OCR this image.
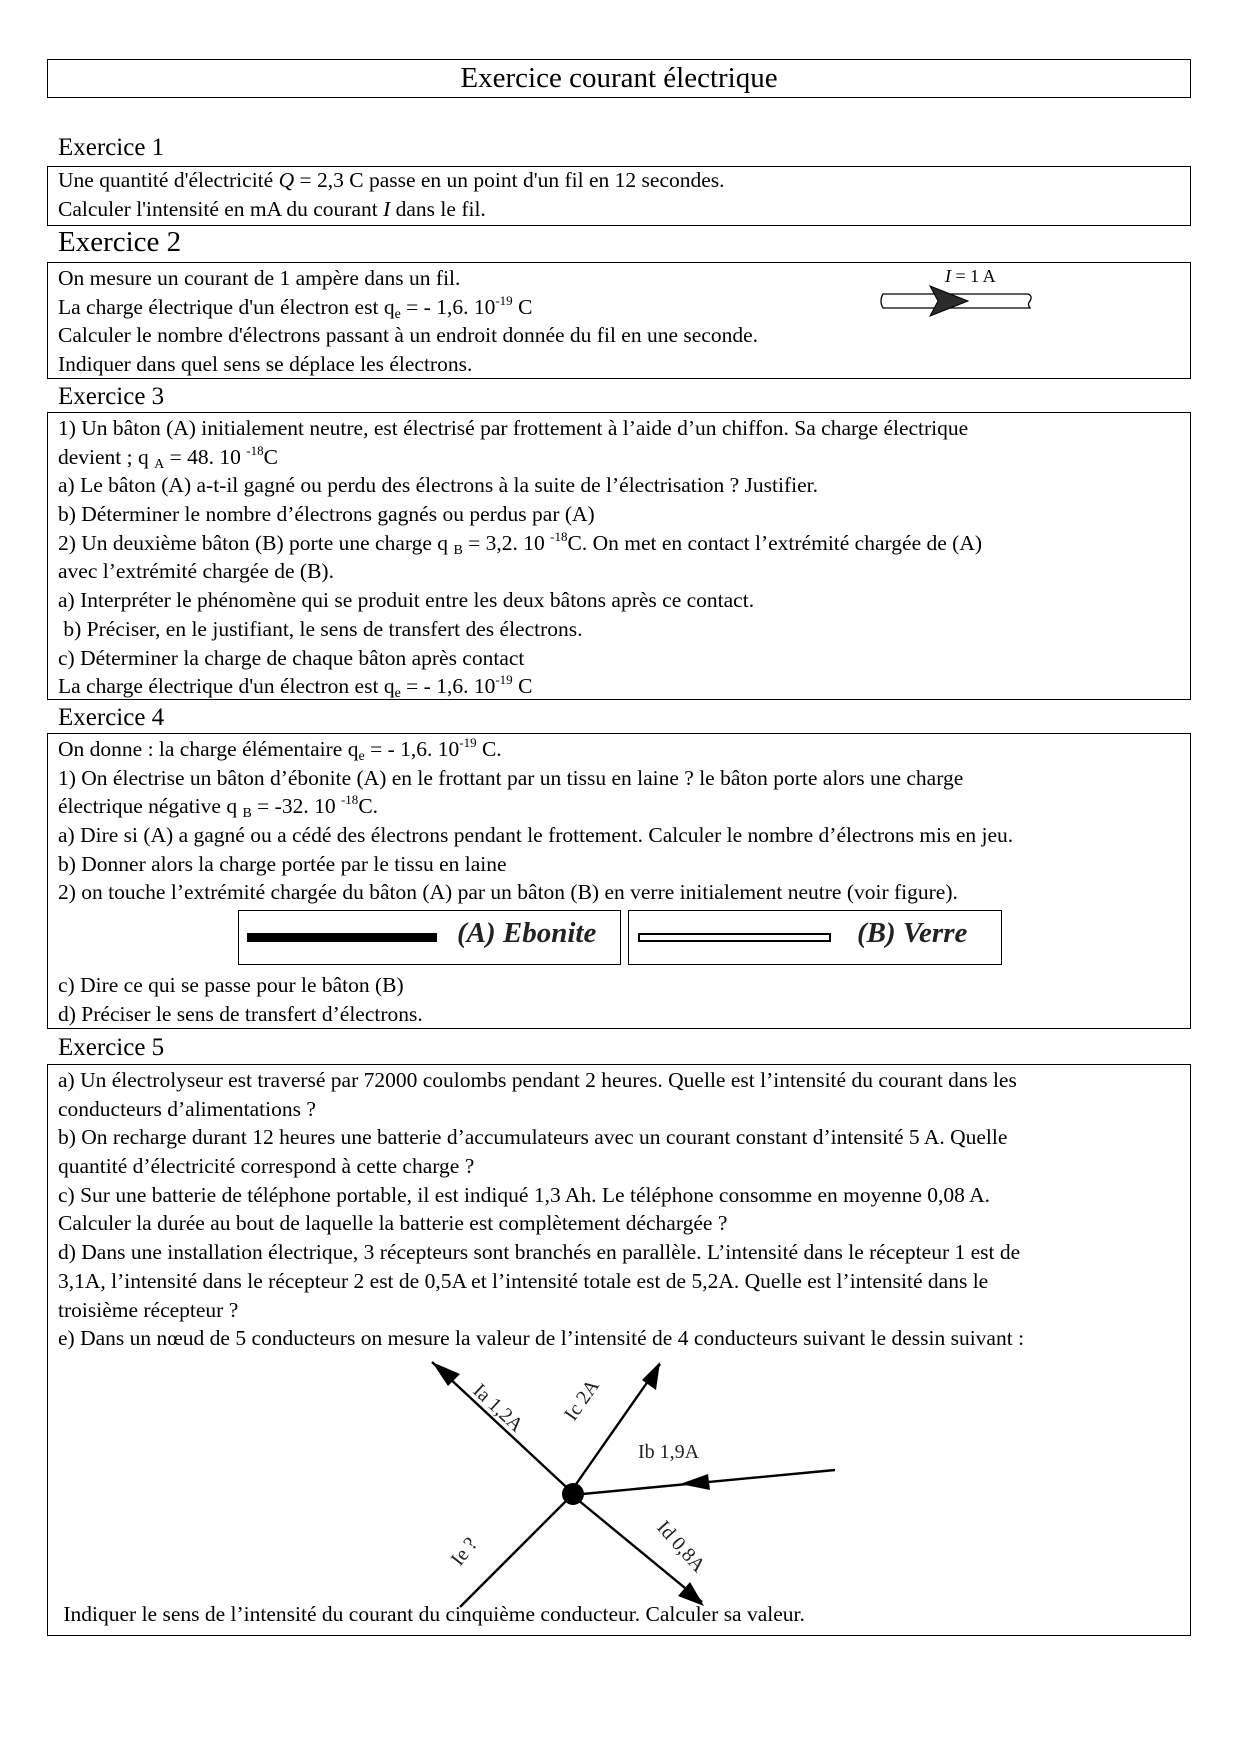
Exercice courant électrique
Exercice 1
Une quantité d'électricité Q = 2,3 C passe en un point d'un fil en 12 secondes.
Calculer l'intensité en mA du courant I dans le fil.
Exercice 2
On mesure un courant de 1 ampère dans un fil.
La charge électrique d'un électron est $q_e$ = - 1,6. $10^{-19}$ C
Calculer le nombre d'électrons passant à un endroit donnée du fil en une seconde.
Indiquer dans quel sens se déplace les électrons.
I = 1 A
Exercice 3
1) Un bâton (A) initialement neutre, est électrisé par frottement à l’aide d’un chiffon. Sa charge électrique
devient ; q $_A$ = 48. 10 $^{-18}$C
a) Le bâton (A) a-t-il gagné ou perdu des électrons à la suite de l’électrisation ? Justifier.
b) Déterminer le nombre d’électrons gagnés ou perdus par (A)
2) Un deuxième bâton (B) porte une charge q $_B$ = 3,2. 10 $^{-18}$C. On met en contact l’extrémité chargée de (A)
avec l’extrémité chargée de (B).
a) Interpréter le phénomène qui se produit entre les deux bâtons après ce contact.
b) Préciser, en le justifiant, le sens de transfert des électrons.
c) Déterminer la charge de chaque bâton après contact
La charge électrique d'un électron est $q_e$ = - 1,6. $10^{-19}$ C
Exercice 4
On donne : la charge élémentaire $q_e$ = - 1,6. $10^{-19}$ C.
1) On électrise un bâton d’ébonite (A) en le frottant par un tissu en laine ? le bâton porte alors une charge
électrique négative q $_B$ = -32. 10 $^{-18}$C.
a) Dire si (A) a gagné ou a cédé des électrons pendant le frottement. Calculer le nombre d’électrons mis en jeu.
b) Donner alors la charge portée par le tissu en laine
2) on touche l’extrémité chargée du bâton (A) par un bâton (B) en verre initialement neutre (voir figure).
(A) Ebonite	(B) Verre
c) Dire ce qui se passe pour le bâton (B)
d) Préciser le sens de transfert d’électrons.
Exercice 5
a) Un électrolyseur est traversé par 72000 coulombs pendant 2 heures. Quelle est l’intensité du courant dans les
conducteurs d’alimentations ?
b) On recharge durant 12 heures une batterie d’accumulateurs avec un courant constant d’intensité 5 A. Quelle
quantité d’électricité correspond à cette charge ?
c) Sur une batterie de téléphone portable, il est indiqué 1,3 Ah. Le téléphone consomme en moyenne 0,08 A.
Calculer la durée au bout de laquelle la batterie est complètement déchargée ?
d) Dans une installation électrique, 3 récepteurs sont branchés en parallèle. L’intensité dans le récepteur 1 est de
3,1A, l’intensité dans le récepteur 2 est de 0,5A et l’intensité totale est de 5,2A. Quelle est l’intensité dans le
troisième récepteur ?
e) Dans un nœud de 5 conducteurs on mesure la valeur de l’intensité de 4 conducteurs suivant le dessin suivant :
Ia 1,2A Ic 2A
Ib 1,9A
Id 0,8A
Ie ?
Indiquer le sens de l’intensité du courant du cinquième conducteur. Calculer sa valeur.
